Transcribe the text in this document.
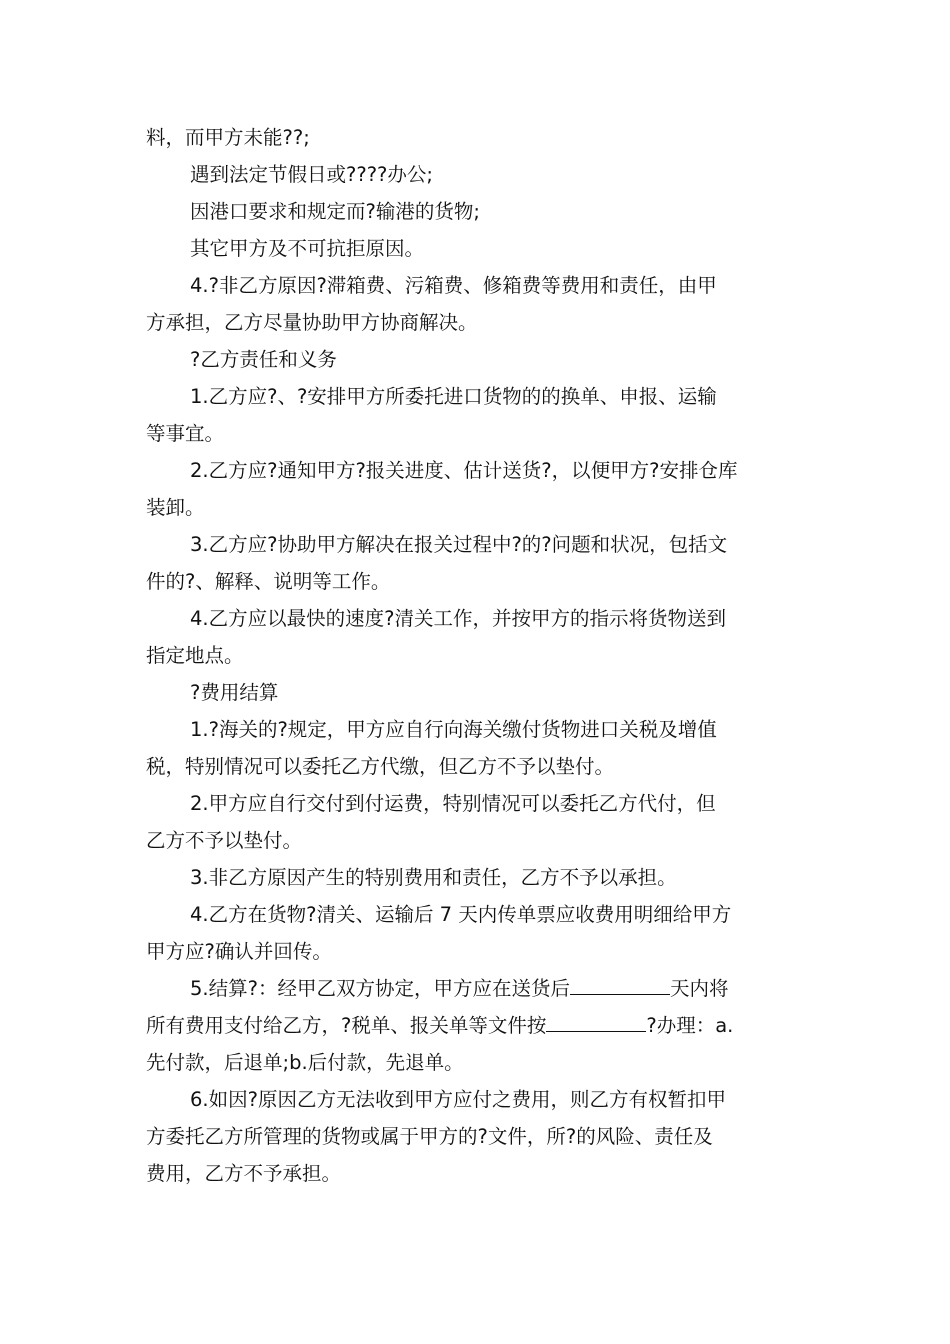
料，而甲方未能??;
遇到法定节假日或????办公;
因港口要求和规定而?输港的货物;
其它甲方及不可抗拒原因。
4.?非乙方原因?滞箱费、污箱费、修箱费等费用和责任，由甲
方承担，乙方尽量协助甲方协商解决。
?乙方责任和义务
1.乙方应?、?安排甲方所委托进口货物的的换单、申报、运输
等事宜。
2.乙方应?通知甲方?报关进度、估计送货?，以便甲方?安排仓库
装卸。
3.乙方应?协助甲方解决在报关过程中?的?问题和状况，包括文
件的?、解释、说明等工作。
4.乙方应以最快的速度?清关工作，并按甲方的指示将货物送到
指定地点。
?费用结算
1.?海关的?规定，甲方应自行向海关缴付货物进口关税及增值
税，特别情况可以委托乙方代缴，但乙方不予以垫付。
2.甲方应自行交付到付运费，特别情况可以委托乙方代付，但
乙方不予以垫付。
3.非乙方原因产生的特别费用和责任，乙方不予以承担。
4.乙方在货物?清关、运输后 7 天内传单票应收费用明细给甲方
甲方应?确认并回传。
5.结算?：经甲乙双方协定，甲方应在送货后	天内将
所有费用支付给乙方，?税单、报关单等文件按	?办理：a.
先付款，后退单;b.后付款，先退单。
6.如因?原因乙方无法收到甲方应付之费用，则乙方有权暂扣甲
方委托乙方所管理的货物或属于甲方的?文件，所?的风险、责任及
费用，乙方不予承担。
